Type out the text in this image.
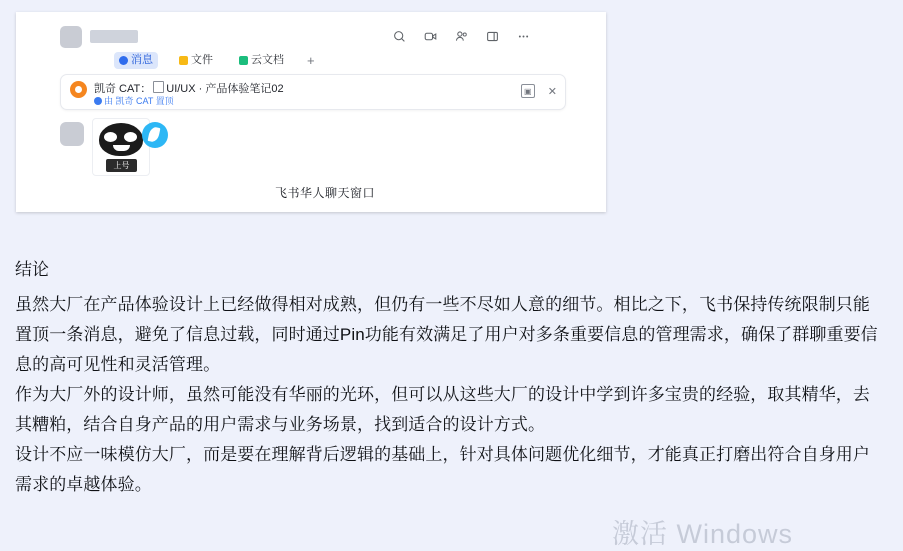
消息	文件	云文档 +
凯奇 CAT： UI/UX · 产品体验笔记02
由 凯奇 CAT 置顶
▣ ✕
上号
飞书华人聊天窗口
结论

虽然大厂在产品体验设计上已经做得相对成熟，但仍有一些不尽如人意的细节。相比之下，飞书保持传统限制只能置顶一条消息，避免了信息过载，同时通过Pin功能有效满足了用户对多条重要信息的管理需求，确保了群聊重要信息的高可见性和灵活管理。

作为大厂外的设计师，虽然可能没有华丽的光环，但可以从这些大厂的设计中学到许多宝贵的经验，取其精华，去其糟粕，结合自身产品的用户需求与业务场景，找到适合的设计方式。

设计不应一味模仿大厂，而是要在理解背后逻辑的基础上，针对具体问题优化细节，才能真正打磨出符合自身用户需求的卓越体验。

激活 Windows
